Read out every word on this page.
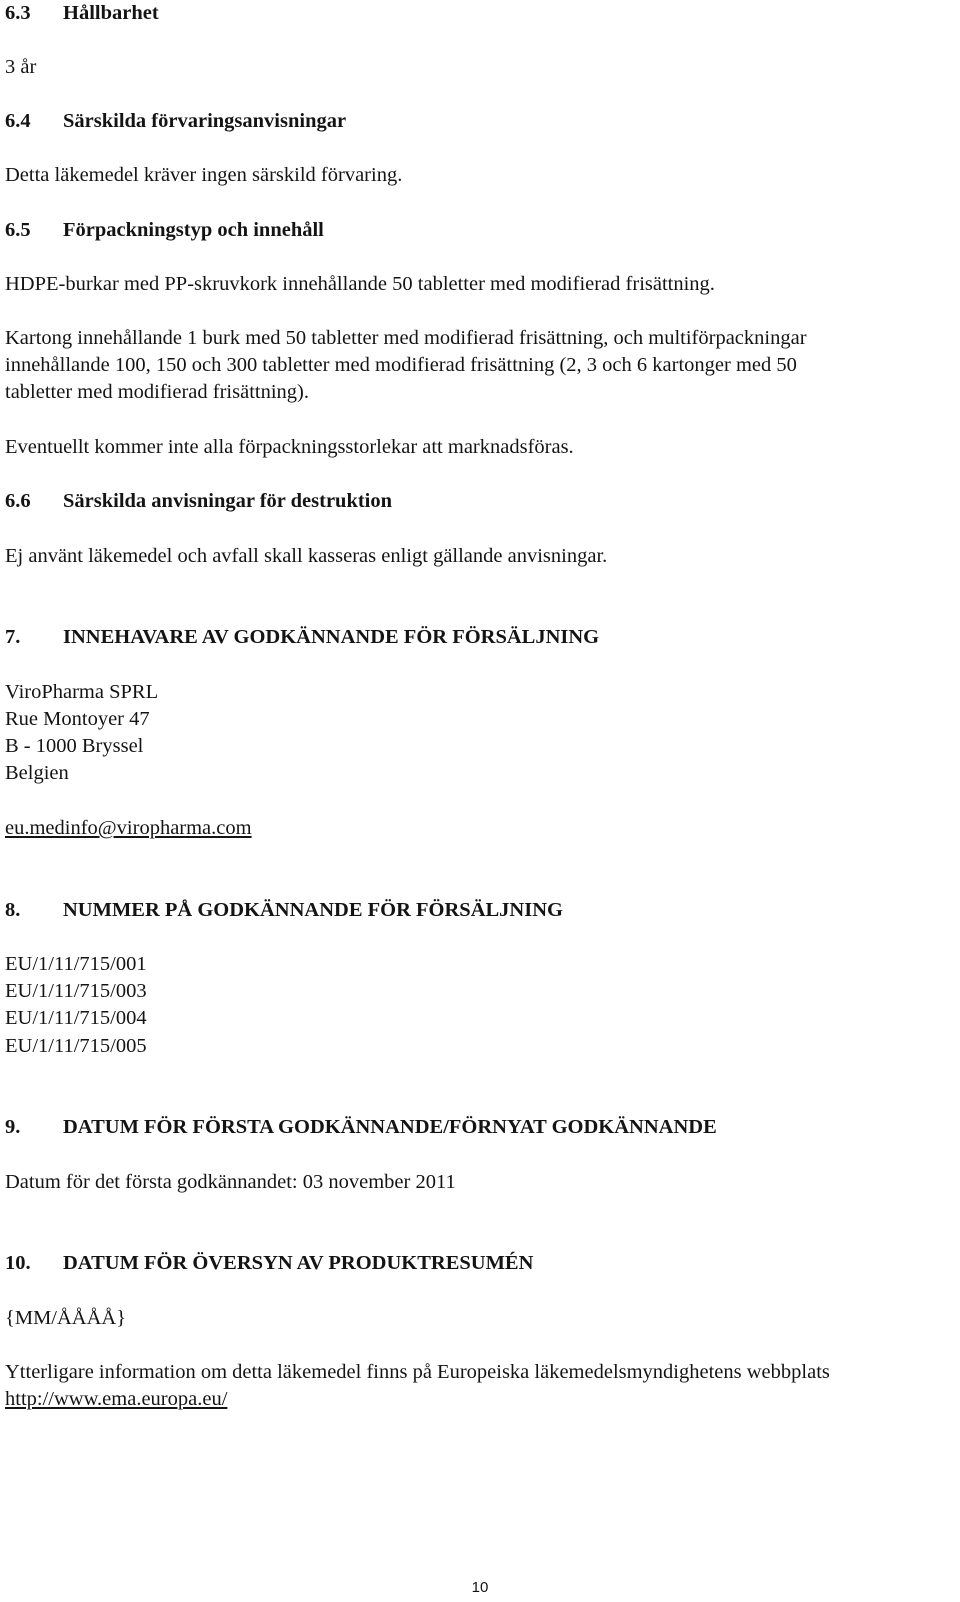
6.3 Hållbarhet
3 år
6.4 Särskilda förvaringsanvisningar
Detta läkemedel kräver ingen särskild förvaring.
6.5 Förpackningstyp och innehåll
HDPE-burkar med PP-skruvkork innehållande 50 tabletter med modifierad frisättning.
Kartong innehållande 1 burk med 50 tabletter med modifierad frisättning, och multiförpackningar
innehållande 100, 150 och 300 tabletter med modifierad frisättning (2, 3 och 6 kartonger med 50
tabletter med modifierad frisättning).
Eventuellt kommer inte alla förpackningsstorlekar att marknadsföras.
6.6 Särskilda anvisningar för destruktion
Ej använt läkemedel och avfall skall kasseras enligt gällande anvisningar.
7. INNEHAVARE AV GODKÄNNANDE FÖR FÖRSÄLJNING
ViroPharma SPRL
Rue Montoyer 47
B - 1000 Bryssel
Belgien
eu.medinfo@viropharma.com
8. NUMMER PÅ GODKÄNNANDE FÖR FÖRSÄLJNING
EU/1/11/715/001
EU/1/11/715/003
EU/1/11/715/004
EU/1/11/715/005
9. DATUM FÖR FÖRSTA GODKÄNNANDE/FÖRNYAT GODKÄNNANDE
Datum för det första godkännandet: 03 november 2011
10. DATUM FÖR ÖVERSYN AV PRODUKTRESUMÉN
{MM/ÅÅÅÅ}
Ytterligare information om detta läkemedel finns på Europeiska läkemedelsmyndighetens webbplats
http://www.ema.europa.eu/
10
